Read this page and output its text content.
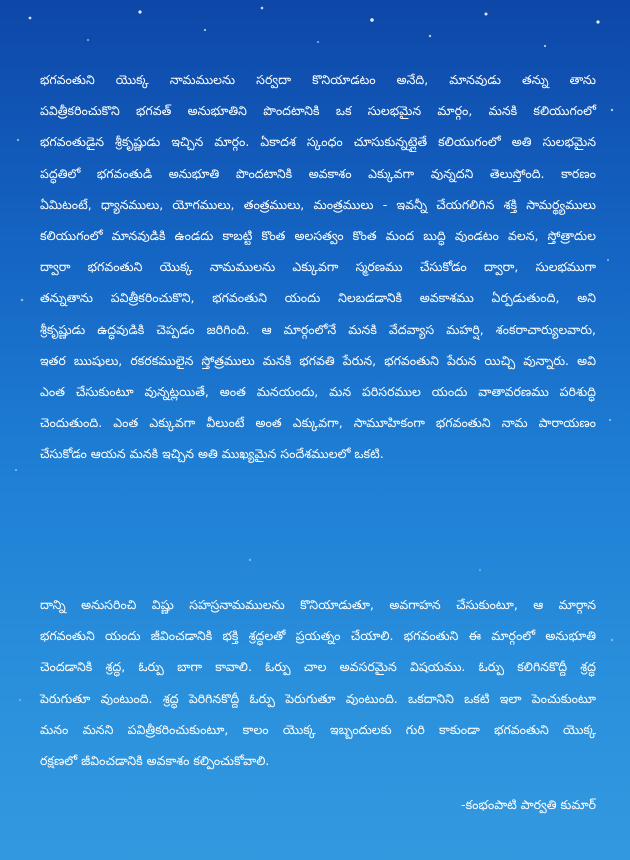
భగవంతుని యొక్క నామములను సర్వదా కొనియాడటం అనేది, మానవుడు తన్ను తాను

పవిత్రీకరించుకొని భగవత్ అనుభూతిని పొందటానికి ఒక సులభమైన మార్గం, మనకి కలియుగంలో

భగవంతుడైన శ్రీకృష్ణుడు ఇచ్చిన మార్గం. ఏకాదశ స్కంధం చూసుకున్నట్లైతే కలియుగంలో అతి సులభమైన

పద్ధతిలో భగవంతుడి అనుభూతి పొందటానికి అవకాశం ఎక్కువగా వున్నదని తెలుస్తోంది. కారణం

ఏమిటంటే, ధ్యానములు, యోగములు, తంత్రములు, మంత్రములు - ఇవన్నీ చేయగలిగిన శక్తి సామర్థ్యములు

కలియుగంలో మానవుడికి ఉండదు కాబట్టి కొంత అలసత్వం కొంత మంద బుద్ధి వుండటం వలన, స్తోత్రాదుల

ద్వారా భగవంతుని యొక్క నామములను ఎక్కువగా స్మరణము చేసుకోడం ద్వారా, సులభముగా

తన్నుతాను పవిత్రీకరించుకొని, భగవంతుని యందు నిలబడడానికి అవకాశము ఏర్పడుతుంది, అని

శ్రీకృష్ణుడు ఉద్ధవుడికి చెప్పడం జరిగింది. ఆ మార్గంలోనే మనకి వేదవ్యాస మహర్షి, శంకరాచార్యులవారు,

ఇతర ఋషులు, రకరకములైన స్తోత్రములు మనకి భగవతి పేరున, భగవంతుని పేరున యిచ్చి వున్నారు. అవి

ఎంత చేసుకుంటూ వున్నట్లయితే, అంత మనయందు, మన పరిసరముల యందు వాతావరణము పరిశుద్ధి

చెందుతుంది. ఎంత ఎక్కువగా వీలుంటే అంత ఎక్కువగా, సామూహికంగా భగవంతుని నామ పారాయణం

చేసుకోడం ఆయన మనకి ఇచ్చిన అతి ముఖ్యమైన సందేశములలో ఒకటి.

దాన్ని అనుసరించి విష్ణు సహస్రనామములను కొనియాడుతూ, అవగాహన చేసుకుంటూ, ఆ మార్గాన

భగవంతుని యందు జీవించడానికి భక్తి శ్రద్ధలతో ప్రయత్నం చేయాలి. భగవంతుని ఈ మార్గంలో అనుభూతి

చెందడానికి శ్రద్ధ, ఓర్పు బాగా కావాలి. ఓర్పు చాల అవసరమైన విషయము. ఓర్పు కలిగినకొద్దీ శ్రద్ధ

పెరుగుతూ వుంటుంది. శ్రద్ధ పెరిగినకొద్దీ ఓర్పు పెరుగుతూ వుంటుంది. ఒకదానిని ఒకటి ఇలా పెంచుకుంటూ

మనం మనని పవిత్రీకరించుకుంటూ, కాలం యొక్క ఇబ్బందులకు గురి కాకుండా భగవంతుని యొక్క

రక్షణలో జీవించడానికి అవకాశం కల్పించుకోవాలి.

-కంభంపాటి పార్వతి కుమార్
